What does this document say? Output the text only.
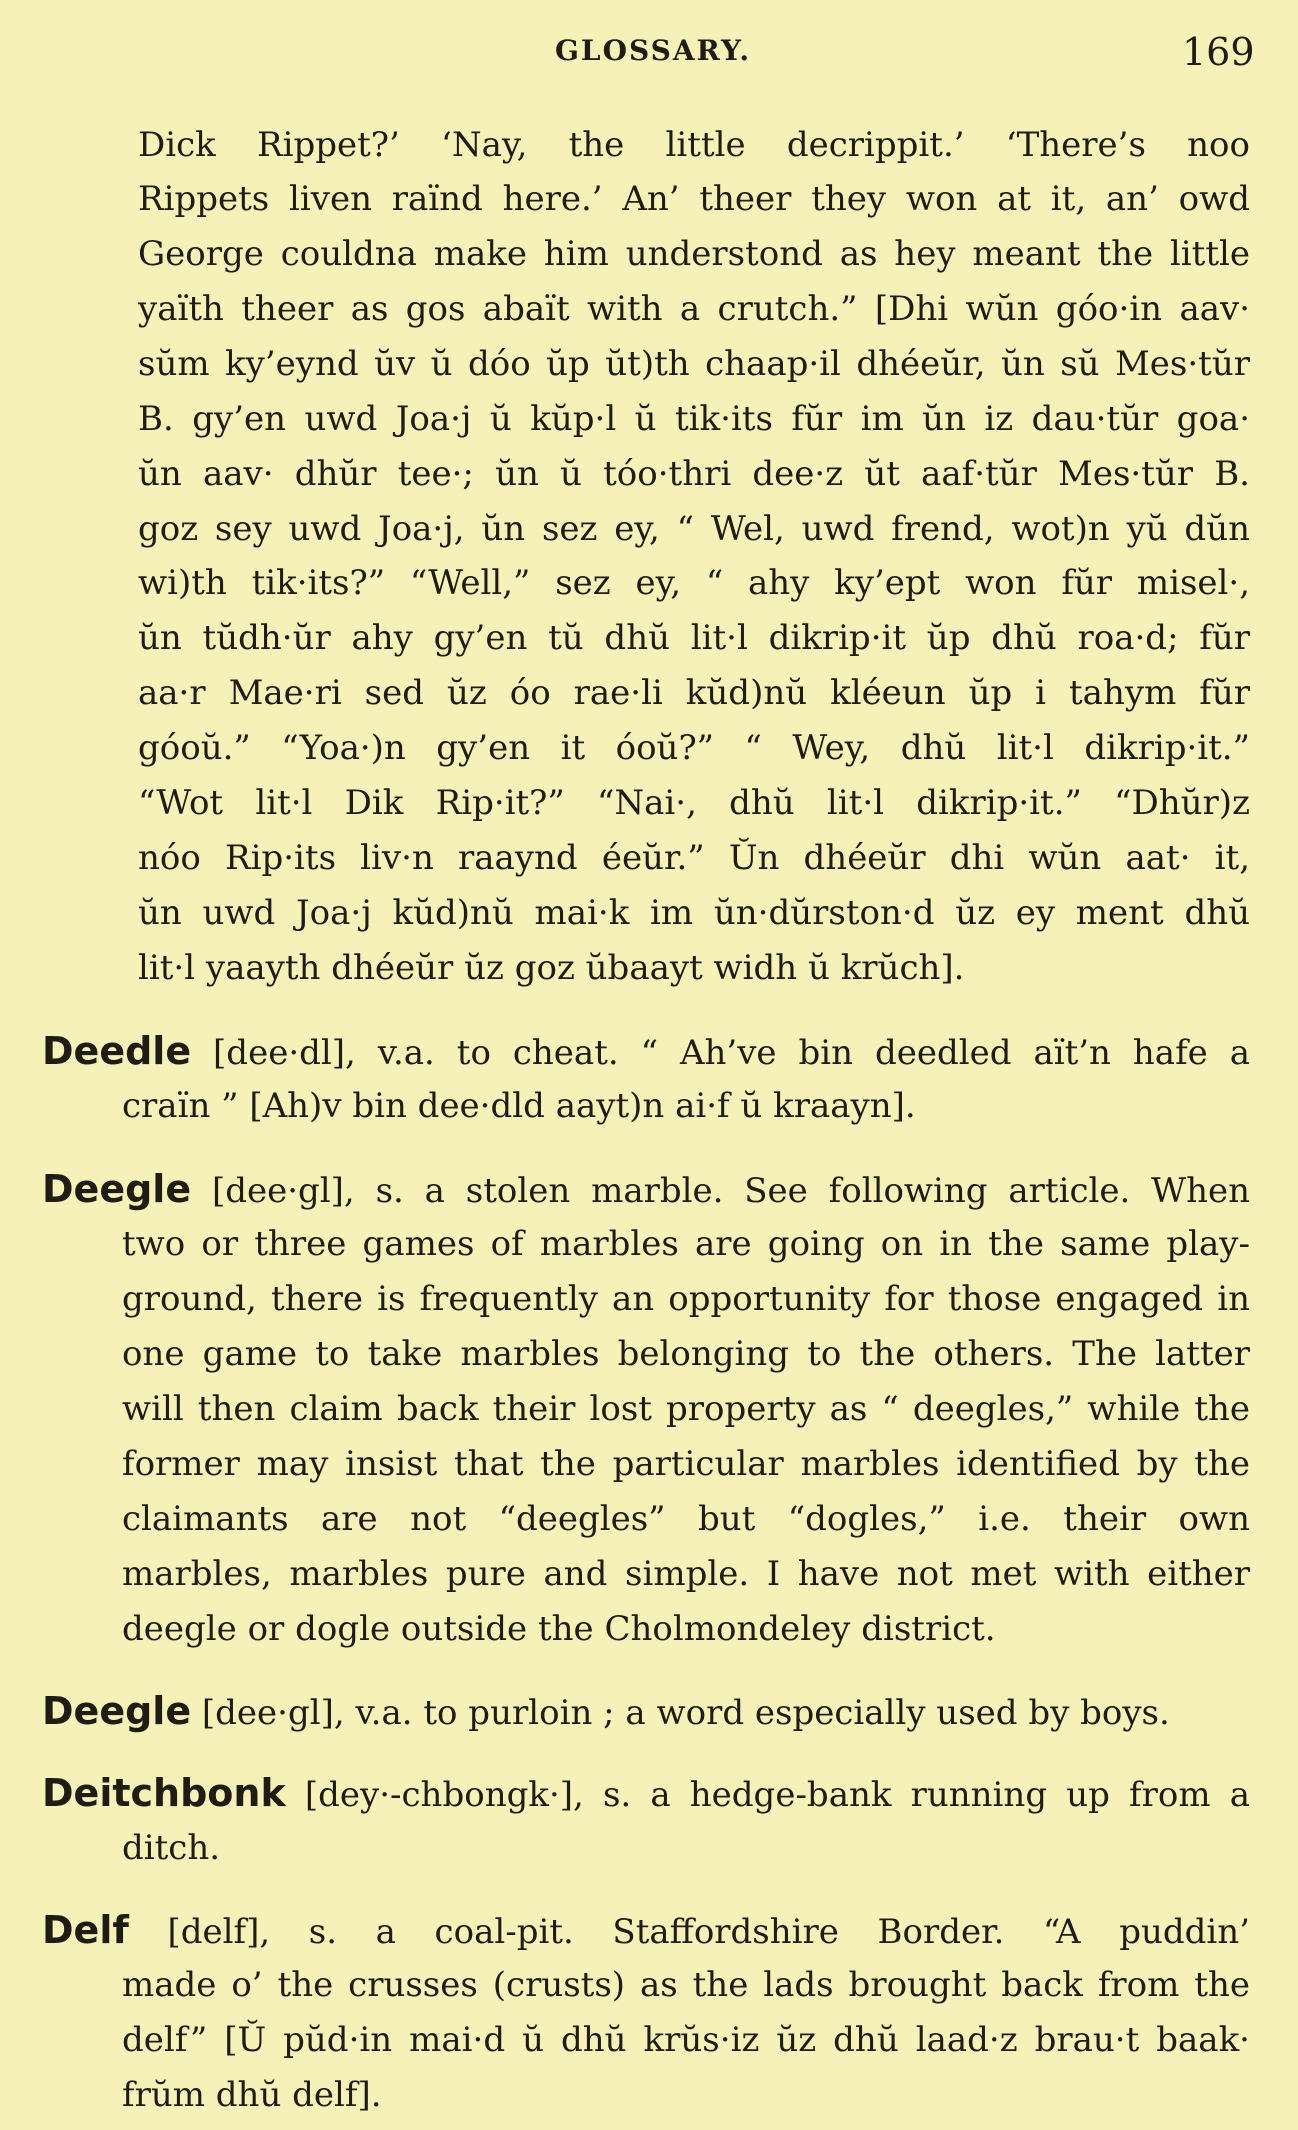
GLOSSARY.	169
Dick Rippet?’ ‘Nay, the little decrippit.’ ‘There’s noo
Rippets liven raïnd here.’ An’ theer they won at it, an’ owd
George couldna make him understond as hey meant the little
yaïth theer as gos abaït with a crutch.” [Dhi wŭn góo·in aav·
sŭm ky’eynd ŭv ŭ dóo ŭp ŭt)th chaap·il dhéeŭr, ŭn sŭ Mes·tŭr
B. gy’en uwd Joa·j ŭ kŭp·l ŭ tik·its fŭr im ŭn iz dau·tŭr goa·
ŭn aav· dhŭr tee·; ŭn ŭ tóo·thri dee·z ŭt aaf·tŭr Mes·tŭr B.
goz sey uwd Joa·j, ŭn sez ey, “ Wel, uwd frend, wot)n yŭ dŭn
wi)th tik·its?” “Well,” sez ey, “ ahy ky’ept won fŭr misel·,
ŭn tŭdh·ŭr ahy gy’en tŭ dhŭ lit·l dikrip·it ŭp dhŭ roa·d; fŭr
aa·r Mae·ri sed ŭz óo rae·li kŭd)nŭ kléeun ŭp i tahym fŭr
góoŭ.” “Yoa·)n gy’en it óoŭ?” “ Wey, dhŭ lit·l dikrip·it.”
“Wot lit·l Dik Rip·it?” “Nai·, dhŭ lit·l dikrip·it.” “Dhŭr)z
nóo Rip·its liv·n raaynd éeŭr.” Ŭn dhéeŭr dhi wŭn aat· it,
ŭn uwd Joa·j kŭd)nŭ mai·k im ŭn·dŭrston·d ŭz ey ment dhŭ
lit·l yaayth dhéeŭr ŭz goz ŭbaayt widh ŭ krŭch].
Deedle [dee·dl], v.a. to cheat. “ Ah’ve bin deedled aït’n hafe a
craïn ” [Ah)v bin dee·dld aayt)n ai·f ŭ kraayn].
Deegle [dee·gl], s. a stolen marble. See following article. When
two or three games of marbles are going on in the same play-
ground, there is frequently an opportunity for those engaged in
one game to take marbles belonging to the others. The latter
will then claim back their lost property as “ deegles,” while the
former may insist that the particular marbles identified by the
claimants are not “deegles” but “dogles,” i.e. their own
marbles, marbles pure and simple. I have not met with either
deegle or dogle outside the Cholmondeley district.
Deegle [dee·gl], v.a. to purloin ; a word especially used by boys.
Deitchbonk [dey·-chbongk·], s. a hedge-bank running up from a
ditch.
Delf [delf], s. a coal-pit. Staffordshire Border. “A puddin’
made o’ the crusses (crusts) as the lads brought back from the
delf” [Ŭ pŭd·in mai·d ŭ dhŭ krŭs·iz ŭz dhŭ laad·z brau·t baak·
frŭm dhŭ delf].
